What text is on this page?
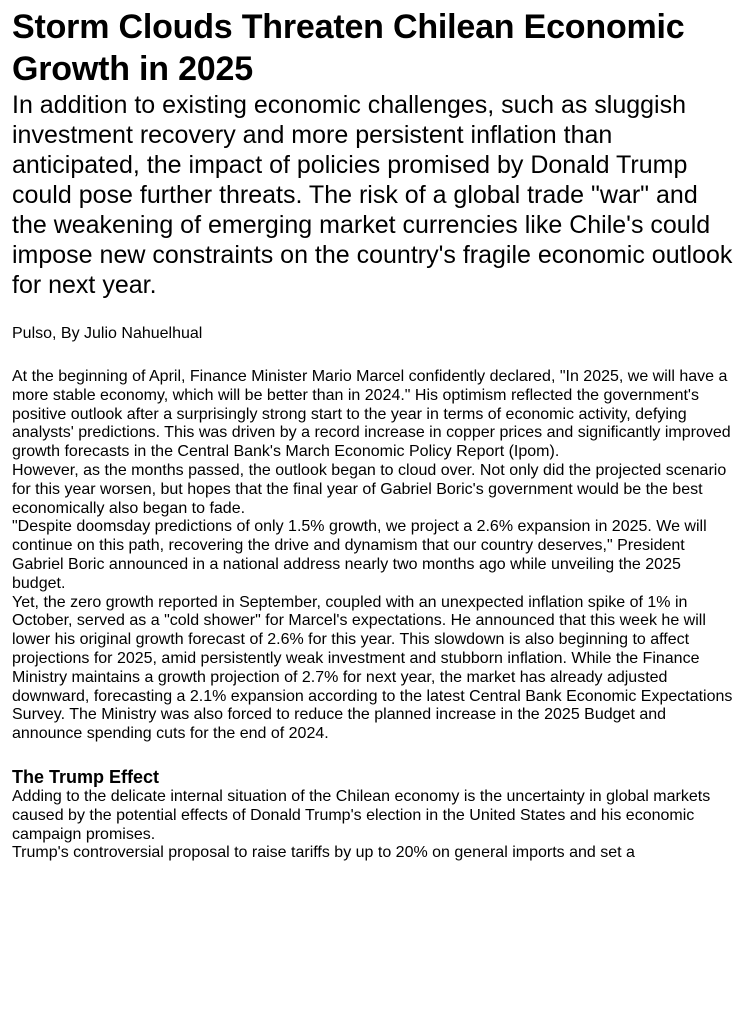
Storm Clouds Threaten Chilean Economic Growth in 2025

In addition to existing economic challenges, such as sluggish investment recovery and more persistent inflation than anticipated, the impact of policies promised by Donald Trump could pose further threats. The risk of a global trade "war" and the weakening of emerging market currencies like Chile's could impose new constraints on the country's fragile economic outlook for next year.

Pulso, By Julio Nahuelhual

At the beginning of April, Finance Minister Mario Marcel confidently declared, "In 2025, we will have a more stable economy, which will be better than in 2024." His optimism reflected the government's positive outlook after a surprisingly strong start to the year in terms of economic activity, defying analysts' predictions. This was driven by a record increase in copper prices and significantly improved growth forecasts in the Central Bank's March Economic Policy Report (Ipom).

However, as the months passed, the outlook began to cloud over. Not only did the projected scenario for this year worsen, but hopes that the final year of Gabriel Boric's government would be the best economically also began to fade.

"Despite doomsday predictions of only 1.5% growth, we project a 2.6% expansion in 2025. We will continue on this path, recovering the drive and dynamism that our country deserves," President Gabriel Boric announced in a national address nearly two months ago while unveiling the 2025 budget.

Yet, the zero growth reported in September, coupled with an unexpected inflation spike of 1% in October, served as a "cold shower" for Marcel's expectations. He announced that this week he will lower his original growth forecast of 2.6% for this year. This slowdown is also beginning to affect projections for 2025, amid persistently weak investment and stubborn inflation. While the Finance Ministry maintains a growth projection of 2.7% for next year, the market has already adjusted downward, forecasting a 2.1% expansion according to the latest Central Bank Economic Expectations Survey. The Ministry was also forced to reduce the planned increase in the 2025 Budget and announce spending cuts for the end of 2024.

The Trump Effect

Adding to the delicate internal situation of the Chilean economy is the uncertainty in global markets caused by the potential effects of Donald Trump's election in the United States and his economic campaign promises.

Trump's controversial proposal to raise tariffs by up to 20% on general imports and set a
